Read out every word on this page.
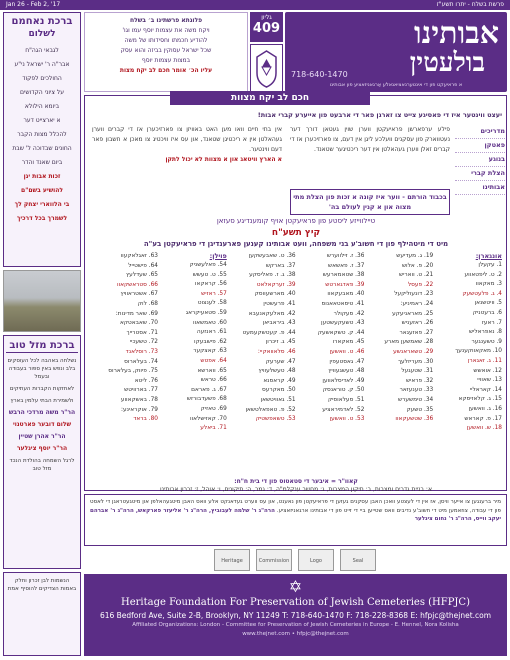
Jan 26 - Feb 2, '17	פרשת בשלח - יתרו תשע"ז
ברכת נאחמם
לשלום

לגבאי הגה"ח

אבר"ה ר' ישראל ני"ע

החולכים לפקוד

על ציוני הקדושים

ביומא הילולא

א יארצייט דער

להכלל מצות הקבר

החונים שבדוכה ל' שבת

ביום שאנד והדר

זכות אבות יגן

להושיע בשם"ם

בי הלווארי יצחק לך

לשמרך בכל דרכיך

ברכת מזל טוב

נשלחה באהבה לכל העוסקים בלב ונפש באין ספור בעבודה ובעמל

לאחזקות הקברות העתיקים

ולשמירת הבתי עלמין בארץ

הר"ר משה מרדכי הרבש

שלום דובער פארטנוי

הר"ר אהרן שטיין

הר"ר יוסף ציגלער

לרגל השמחה בהולדת הנכד מזל טוב

הנשמות לבן זכרון וחלק באמות הצדיקים להוסיף אמת

פלוגתא פרשתינו ב׳ בשלח
ויקח משה את עצמות יוסף עמו וגו'
להודיע חכמתו וחסידותו של משה
שכל ישראל עסוקין בביזה והוא עסק
במצות עצמות יוסף
עליו הכ׳ אומר חכם לב יקח מצות
גליון
409	אבותינו
בולעטין
718-640-1470
א פראיעקט פון די אינטערנאציאנאלע אַרגאניזאציע פון אבותינו
חכם לב יקח מצוות
יעצט ווינטער איז די פאסיגע צייט צו זארגן פאר די ארבעט פון אייערע קברי אבות!
מדריכים
פאטקן
בנוגע
הצלת קברי
אבותינו
פילע ערפארשן פראיעקטן ווערן שוין געטאן דורך דער נעטווארק פון עסקנים וועלכע ליגן אין דעם, צו פארזיכערן אז די קברים זאלן ווערן געהאלטן אין דער ריכטיגער שטאנד.
בכבוד הורתם - ווער איז קונה א זכות פון הצלת מתי מצוה און א קנין לעולם בה'
אין בתי חיים וואו מען האט באוויזן צו פארזיכערן אז די קברים ווערן געהאלטן אין א ריכטיגן שטאנד, און עס איז וויכטיג צו מאכן א חשבון פאר דעם ווינטער.
א הארץ וויטאג און א מצוות לא יכול לתקן
טיילווייזע ליסטע פון פראיעקטן אויף קומענדיגע סעזאן
קיץ תשע"ח
מיט די מיטהילף פון די חשוב'ע בני משפחה, וועט אבותינו קענען פארענדיגן די פראיעקטן בע"ה
אונגארן:
1. עקעלן
2. ט. ליפטאווע
3. מאקאוו
4. ג. פלעטשעק
5. וויטשנאן
6. ברעטניק
7. ראעז
8. נאפראליש
9. טשענגער
10. מאקאווקענעך
11. ג. זאגארן
12. אואשש
13. שאוויי
14. קאראליי
15. ג. קלאזיסקא
16. ג. וואשען
17. פ. קאראש
18. ש. וואשען
19. ג. מעדיעש
20. פ. אלוש
21. ט. וואריש
22. פעסל
23. דונעוליקעל
24. ראמיניע:
25. מאראניעקע
26. ראזעניש
27. פאזעגאר
28. שאמשען מארע
29. טשאראנשע
30. מעריזלעך
31. שטעגעל
32. פראיש
33. טענעזאר
34. טימשערש
35. טשעק
36. שטשעקאוו
36. ז. זילווערש
37. ז. פאשאש
38. שטאמארעש
39. פאדגארטש
40. מאבעקאוו
41. טיסאטאאנוס
42. סעקולר
43. טשעקעשטען
44. ק. טשקאשעק
45. מאקארו
46. ט. וואשען
47. גאסטעפין
48. טעשגעוויץ
49. לאדיסלאווען
50. ק. טוראנסק
51. סעלאוסיק
52. לאדמיראציע
53. ט. וואשען
36. ט. שאבעשקען
37. בארקש
38. ג. ז. פאליסקע
39. זערקאלאט
40. מארשעווסק
41. פרעשטין
42. מאלעקאנעבא
43. ביראביאן
44. פ. קעטשקעמעט
45. ג. זיכרון
46. סלאוואקיי:
47. שערעק
48. טעשלעוויץ
49. קראסנא
50. מאקרעס
51. גאוויטשאן
52. פ. טאפאלטשאן
53. טשאפשטיק
פוילן:
54. פאלעשניק
55. ט. טעשש
56. קראקאו
57. ראזיש
58. לענצוט
59. סטאעיקראג
60. טאמשאוו
61. ראנזעה
62. פישבעקו
63. קאצקער
64. אפטש
65. ווארשא
66. טראש
67. ג. פאראם
68. פשעדבורזש
69. טאזיק
70. קאזישלאוו
71. ביאלע
63. זאגלאקעוו
64. פישטייל
65. שעדלעץ
66. סטראשקאוו
67. אשטראוויץ
68. לוק
69. שאר מדינות:
70. שאבאטקא
71. אסטרייך
72. טשעכיי
73. רוסלאנד
74. בעלארוס
75. פיווק, בעלארוס
76. ליטא
77. בארוויטש
78. באשקאווע
79. אוקראינע:
80. בראד
קאוו"ר = איבער די סטאטוס פון די בית ח"ח:
א: בניית גדרים ומצבות, ב: תיקון המצבות, ג: מחשב ענקלמ"ה, ד: גמר, ה: תיקונים, ו: אוהל, ז: זכרון אבותינו
מיר ברענגען צו אייער וויסן, אז אין די לעצטע וואכן האבן עסקנים געזען די פראיעקטן פון נאענט, און עס ווערט געדאנקט אלע וואס האבן מיטגעהאלפן און מיטגעטראגן די לאסט פון די עבודה, צוזאמען מיט די חשוב'ע נדיבים וואס שטייען ביי די זייט פון די אבותינו ארגאניזאציע. הרה"ג ר' שלמה לעבוביץ, הרה"ג ר' אליעזר פארקאש, הרה"ג ר' אברהם יעקב ווייס, הרה"ג ר' נחום ציגלער
Heritage	Commission	Logo	Seal
✡
Heritage Foundation For Preservation of Jewish Cemeteries (HFPJC)
616 Bedford Ave, Suite 2-B, Brooklyn, NY 11249 T: 718-640-1470 F: 718-228-8368 E: hfpjc@thejnet.com
Affiliated Organizations: London - Committee for Preservation of Jewish Cemeteries in Europe - E. Hennel, Nora Kolisha
www.thejnet.com • hfpjc@thejnet.com
